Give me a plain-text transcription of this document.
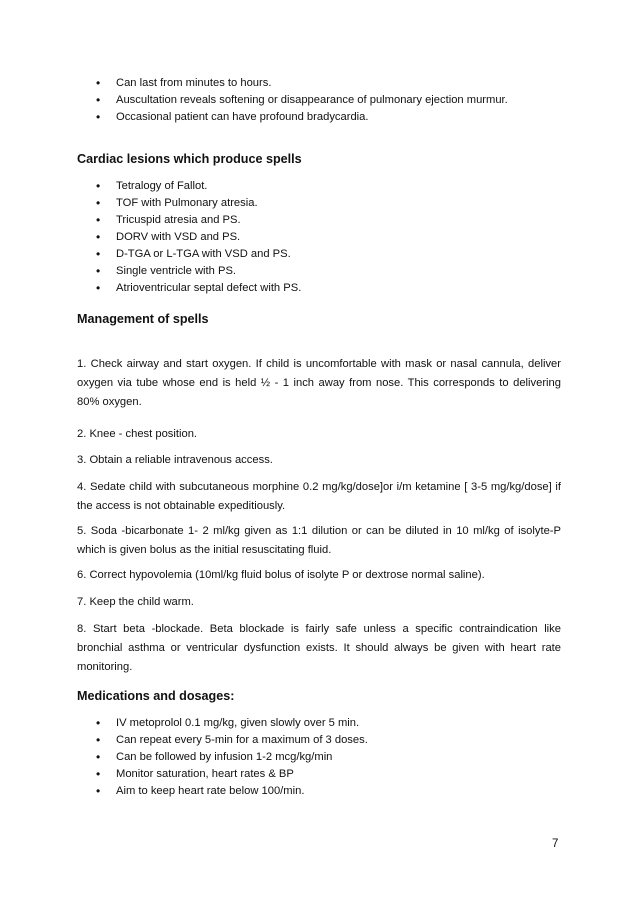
• Can last from minutes to hours.
• Auscultation reveals softening or disappearance of pulmonary ejection murmur.
• Occasional patient can have profound bradycardia.
Cardiac lesions which produce spells
• Tetralogy of Fallot.
• TOF with Pulmonary atresia.
• Tricuspid atresia and PS.
• DORV with VSD and PS.
• D-TGA or L-TGA with VSD and PS.
• Single ventricle with PS.
• Atrioventricular septal defect with PS.
Management of spells

1. Check airway and start oxygen. If child is uncomfortable with mask or nasal cannula, deliver oxygen via tube whose end is held ½ - 1 inch away from nose. This corresponds to delivering 80% oxygen.

2. Knee - chest position.

3. Obtain a reliable intravenous access.

4. Sedate child with subcutaneous morphine 0.2 mg/kg/dose]or i/m ketamine [ 3-5 mg/kg/dose] if the access is not obtainable expeditiously.

5. Soda -bicarbonate 1- 2 ml/kg given as 1:1 dilution or can be diluted in 10 ml/kg of isolyte-P which is given bolus as the initial resuscitating fluid.

6. Correct hypovolemia (10ml/kg fluid bolus of isolyte P or dextrose normal saline).

7. Keep the child warm.

8. Start beta -blockade. Beta blockade is fairly safe unless a specific contraindication like bronchial asthma or ventricular dysfunction exists. It should always be given with heart rate monitoring.

Medications and dosages:
• IV metoprolol 0.1 mg/kg, given slowly over 5 min.
• Can repeat every 5-min for a maximum of 3 doses.
• Can be followed by infusion 1-2 mcg/kg/min
• Monitor saturation, heart rates & BP
• Aim to keep heart rate below 100/min.
7
